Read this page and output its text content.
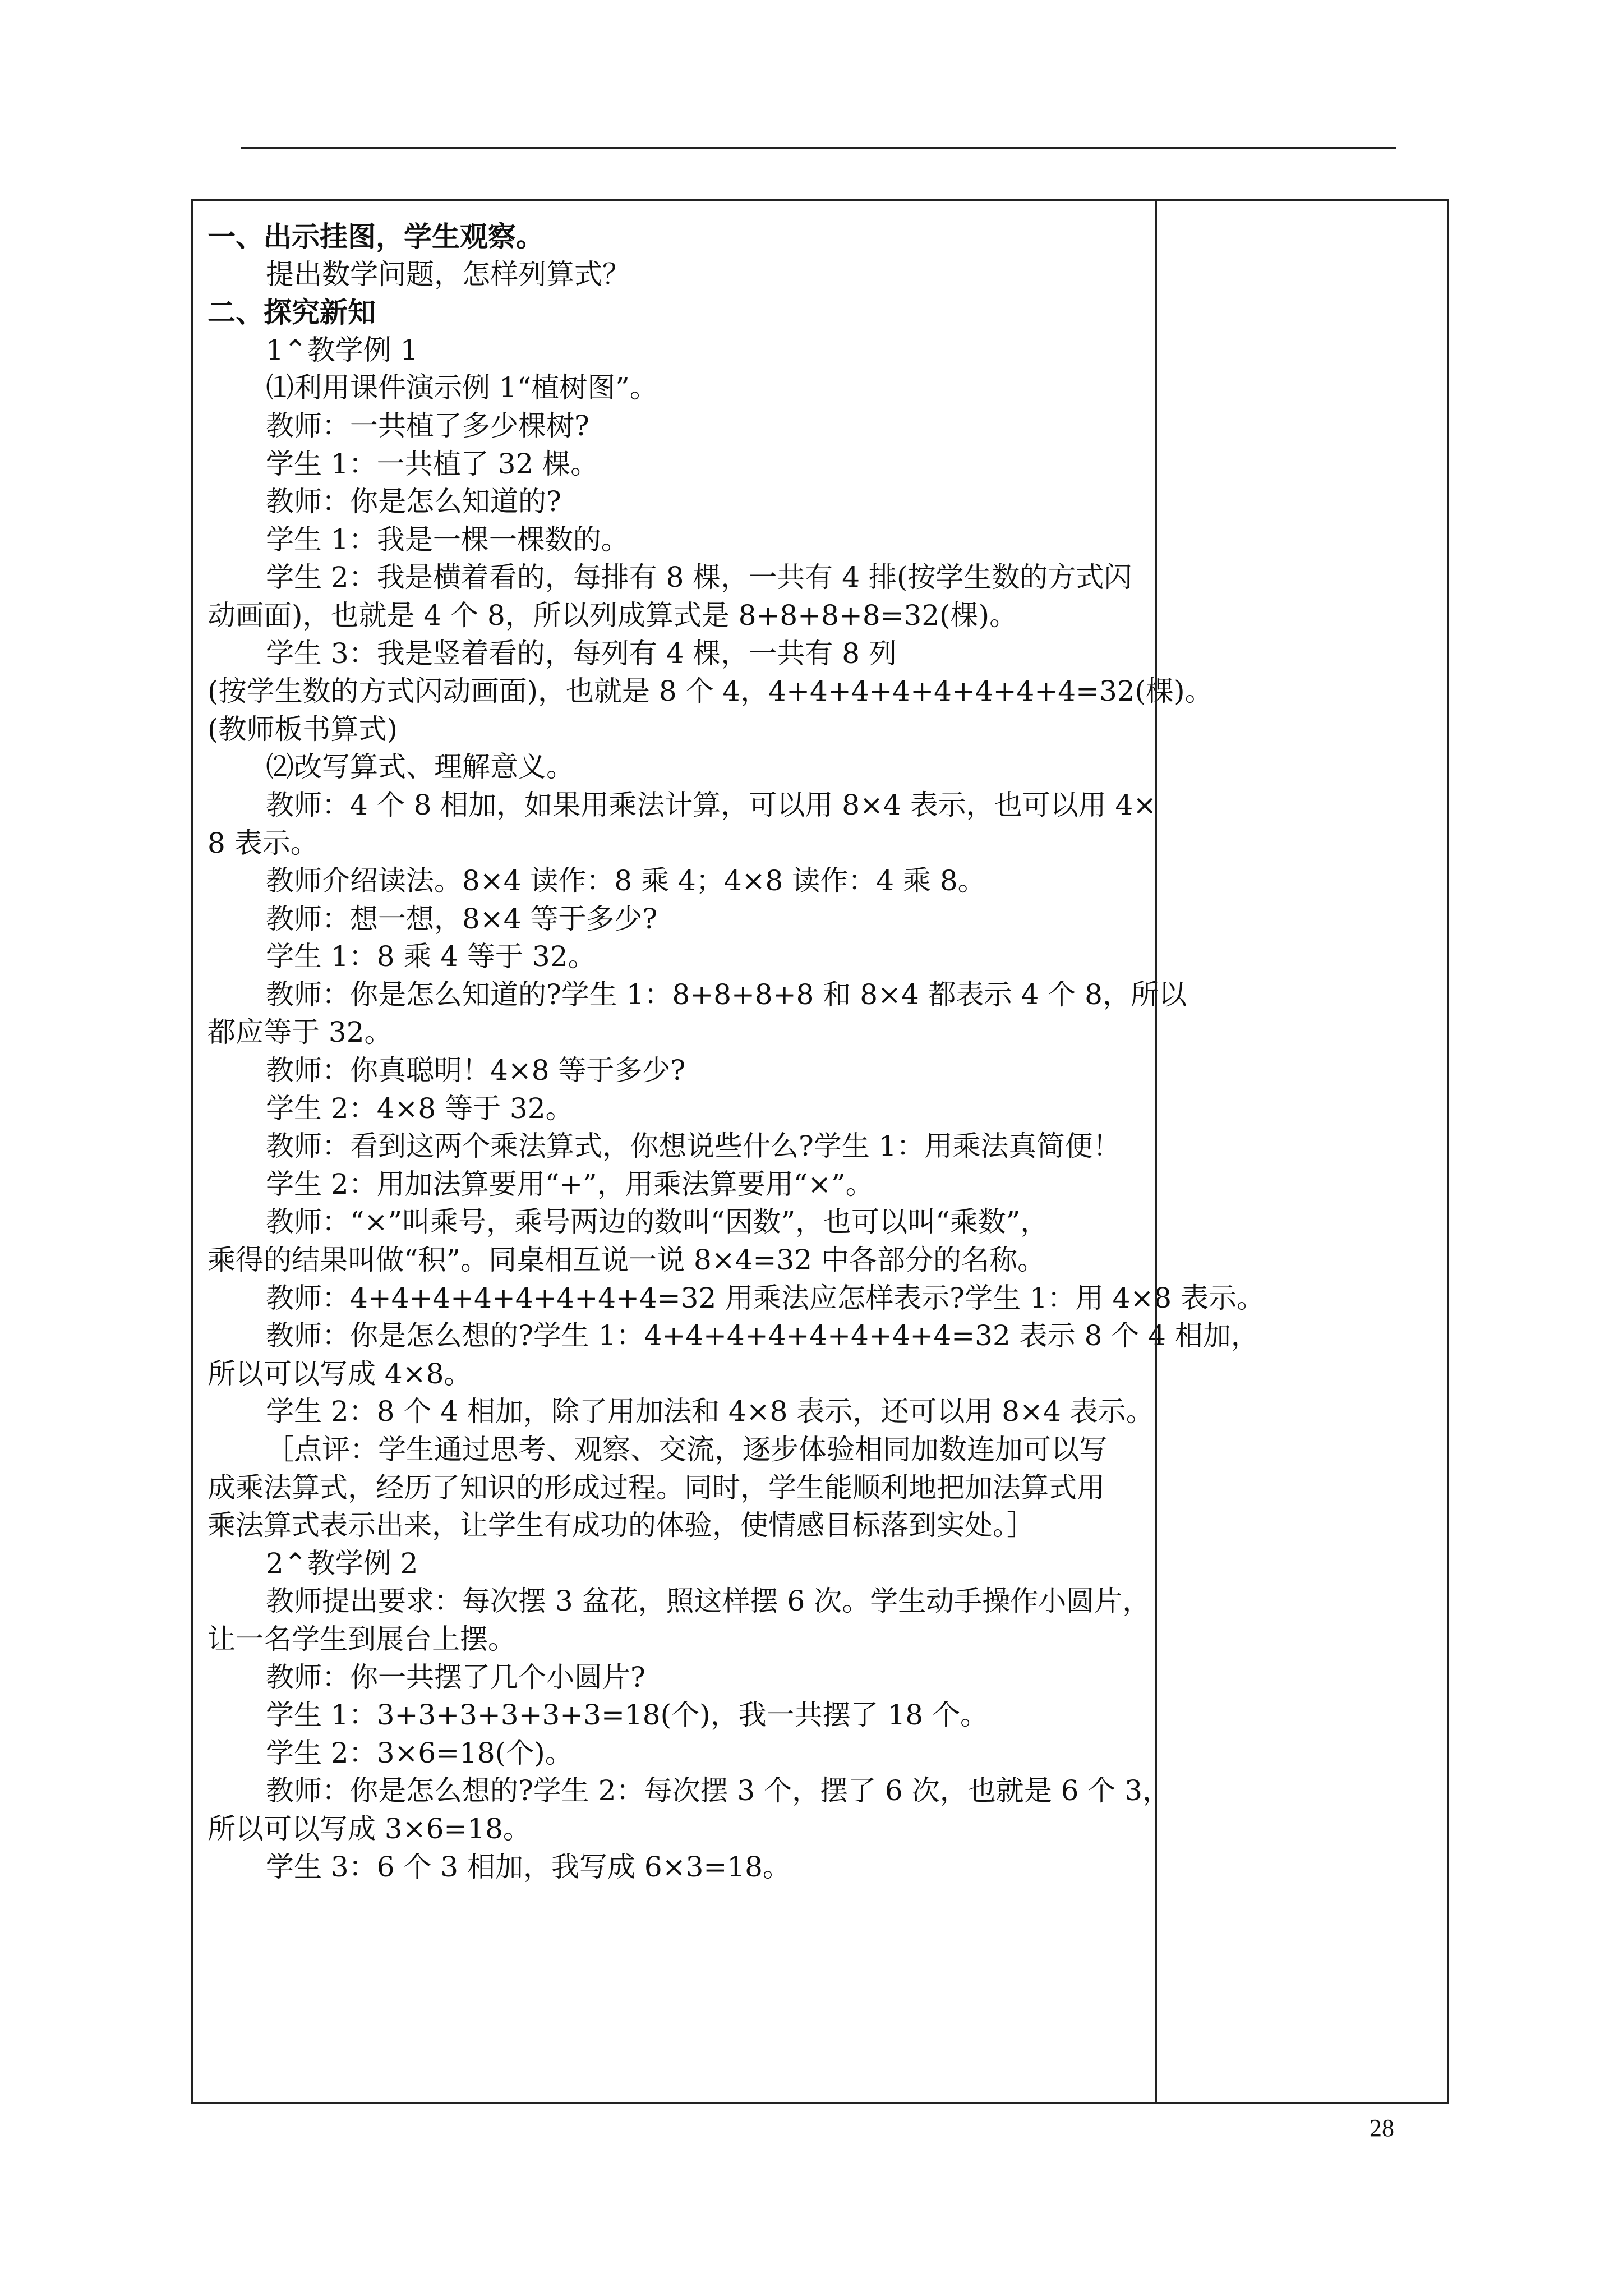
一、出示挂图，学生观察。

提出数学问题，怎样列算式？

二、探究新知

1⌃教学例 1

⑴利用课件演示例 1“植树图”。

教师：一共植了多少棵树?

学生 1：一共植了 32 棵。

教师：你是怎么知道的?

学生 1：我是一棵一棵数的。

学生 2：我是横着看的，每排有 8 棵，一共有 4 排(按学生数的方式闪

动画面)，也就是 4 个 8，所以列成算式是 8+8+8+8=32(棵)。

学生 3：我是竖着看的，每列有 4 棵，一共有 8 列

(按学生数的方式闪动画面)，也就是 8 个 4，4+4+4+4+4+4+4+4=32(棵)。

(教师板书算式)

⑵改写算式、理解意义。

教师：4 个 8 相加，如果用乘法计算，可以用 8×4 表示，也可以用 4×

8 表示。

教师介绍读法。8×4 读作：8 乘 4；4×8 读作：4 乘 8。

教师：想一想，8×4 等于多少?

学生 1：8 乘 4 等于 32。

教师：你是怎么知道的?学生 1：8+8+8+8 和 8×4 都表示 4 个 8，所以

都应等于 32。

教师：你真聪明！4×8 等于多少?

学生 2：4×8 等于 32。

教师：看到这两个乘法算式，你想说些什么?学生 1：用乘法真简便！

学生 2：用加法算要用“+”，用乘法算要用“×”。

教师：“×”叫乘号，乘号两边的数叫“因数”，也可以叫“乘数”，

乘得的结果叫做“积”。同桌相互说一说 8×4=32 中各部分的名称。

教师：4+4+4+4+4+4+4+4=32 用乘法应怎样表示?学生 1：用 4×8 表示。

教师：你是怎么想的?学生 1：4+4+4+4+4+4+4+4=32 表示 8 个 4 相加，

所以可以写成 4×8。

学生 2：8 个 4 相加，除了用加法和 4×8 表示，还可以用 8×4 表示。

［点评：学生通过思考、观察、交流，逐步体验相同加数连加可以写

成乘法算式，经历了知识的形成过程。同时，学生能顺利地把加法算式用

乘法算式表示出来，让学生有成功的体验，使情感目标落到实处。］

2⌃教学例 2

教师提出要求：每次摆 3 盆花，照这样摆 6 次。学生动手操作小圆片，

让一名学生到展台上摆。

教师：你一共摆了几个小圆片?

学生 1：3+3+3+3+3+3=18(个)，我一共摆了 18 个。

学生 2：3×6=18(个)。

教师：你是怎么想的?学生 2：每次摆 3 个，摆了 6 次，也就是 6 个 3，

所以可以写成 3×6=18。

学生 3：6 个 3 相加，我写成 6×3=18。

28
